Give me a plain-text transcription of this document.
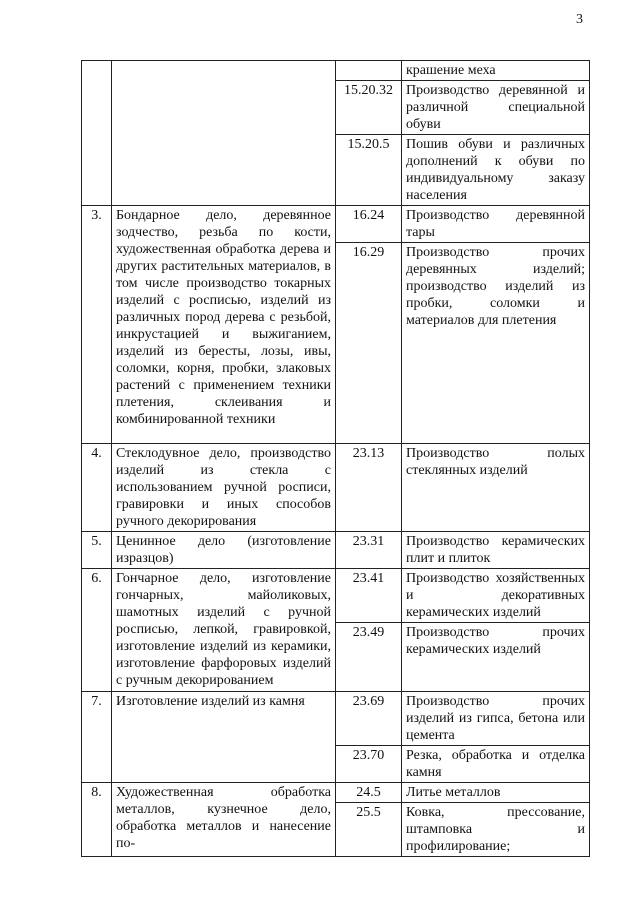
3
			крашение меха
		15.20.32	Производство деревянной и различной специальной обуви
		15.20.5	Пошив обуви и различных дополнений к обуви по индивидуальному заказу населения
3.	Бондарное дело, деревянное зодчество, резьба по кости, художественная обработка дерева и других растительных материалов, в том числе производство токарных изделий с росписью, изделий из различных пород дерева с резьбой, инкрустацией и выжиганием, изделий из бересты, лозы, ивы, соломки, корня, пробки, злаковых растений с применением техники плетения, склеивания и комбинированной техники	16.24	Производство деревянной тары
		16.29	Производство прочих деревянных изделий; производство изделий из пробки, соломки и материалов для плетения
4.	Стеклодувное дело, производство изделий из стекла с использованием ручной росписи, гравировки и иных способов ручного декорирования	23.13	Производство полых стеклянных изделий
5.	Ценинное дело (изготовление изразцов)	23.31	Производство керамических плит и плиток
6.	Гончарное дело, изготовление гончарных, майоликовых, шамотных изделий с ручной росписью, лепкой, гравировкой, изготовление изделий из керамики, изготовление фарфоровых изделий с ручным декорированием	23.41	Производство хозяйственных и декоративных керамических изделий
		23.49	Производство прочих керамических изделий
7.	Изготовление изделий из камня	23.69	Производство прочих изделий из гипса, бетона или цемента
		23.70	Резка, обработка и отделка камня
8.	Художественная обработка металлов, кузнечное дело, обработка металлов и нанесение по-	24.5	Литье металлов
		25.5	Ковка, прессование, штамповка и профилирование;
